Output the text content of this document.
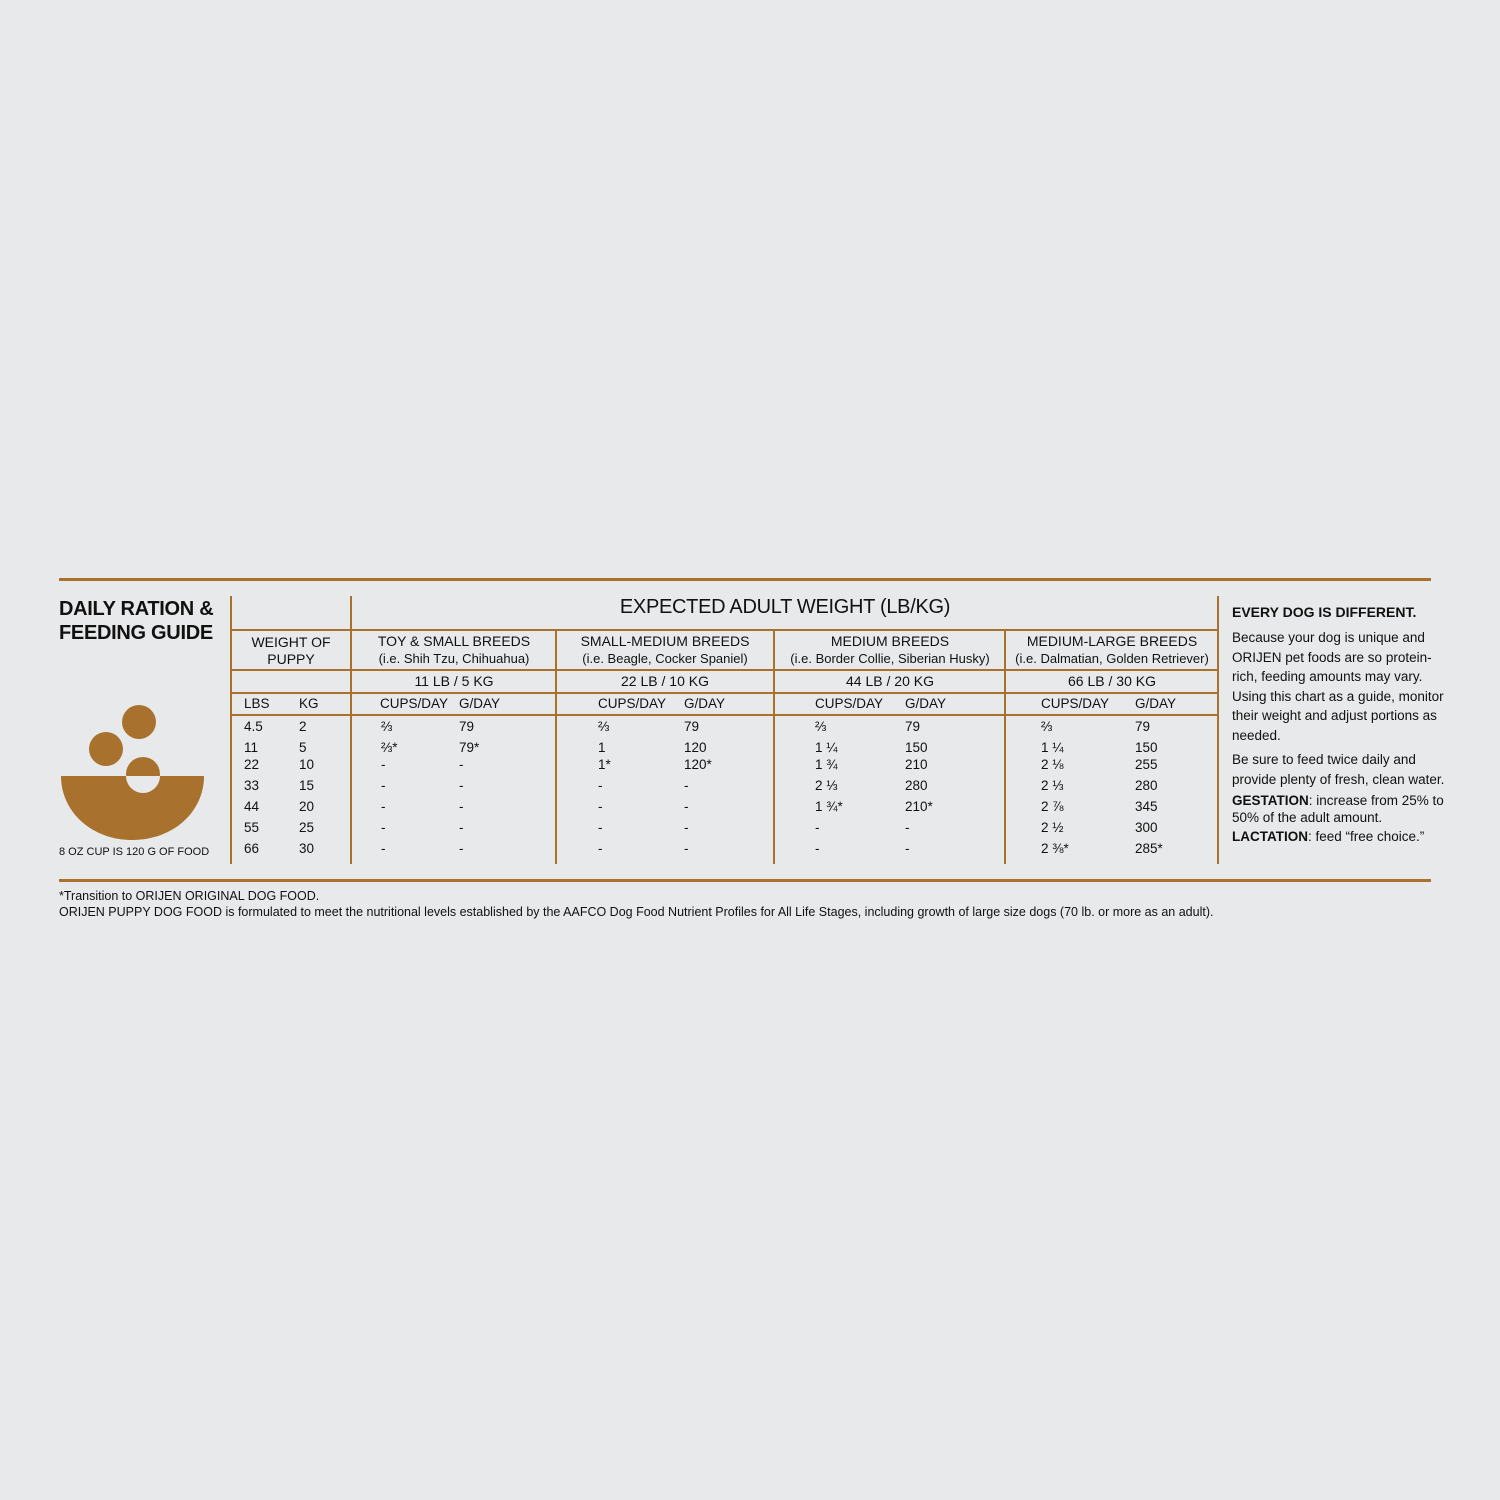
DAILY RATION &
FEEDING GUIDE
8 OZ CUP IS 120 G OF FOOD
EXPECTED ADULT WEIGHT (LB/KG)
WEIGHT OF
PUPPY
LBS KG
TOY & SMALL BREEDS
(i.e. Shih Tzu, Chihuahua)
11 LB / 5 KG
SMALL-MEDIUM BREEDS
(i.e. Beagle, Cocker Spaniel)
22 LB / 10 KG
MEDIUM BREEDS
(i.e. Border Collie, Siberian Husky)
44 LB / 20 KG
MEDIUM-LARGE BREEDS
(i.e. Dalmatian, Golden Retriever)
66 LB / 30 KG
CUPS/DAY G/DAY	CUPS/DAY G/DAY	CUPS/DAY G/DAY	CUPS/DAY G/DAY
4.5	2	⅔	79	⅔	79	⅔	79	⅔	79
11	5	⅔*	79*	1	120	1 ¼	150	1 ¼	150
22	10	-	-	1*	120*	1 ¾	210	2 ⅛	255
33	15	-	-	-	-	2 ⅓	280	2 ⅓	280
44	20	-	-	-	-	1 ¾*	210*	2 ⅞	345
55	25	-	-	-	-	-	-	2 ½	300
66	30	-	-	-	-	-	-	2 ⅜*	285*
EVERY DOG IS DIFFERENT.
Because your dog is unique and ORIJEN pet foods are so protein-rich, feeding amounts may vary. Using this chart as a guide, monitor their weight and adjust portions as needed.
Be sure to feed twice daily and provide plenty of fresh, clean water.
GESTATION: increase from 25% to 50% of the adult amount.
LACTATION: feed “free choice.”
*Transition to ORIJEN ORIGINAL DOG FOOD.
ORIJEN PUPPY DOG FOOD is formulated to meet the nutritional levels established by the AAFCO Dog Food Nutrient Profiles for All Life Stages, including growth of large size dogs (70 lb. or more as an adult).
